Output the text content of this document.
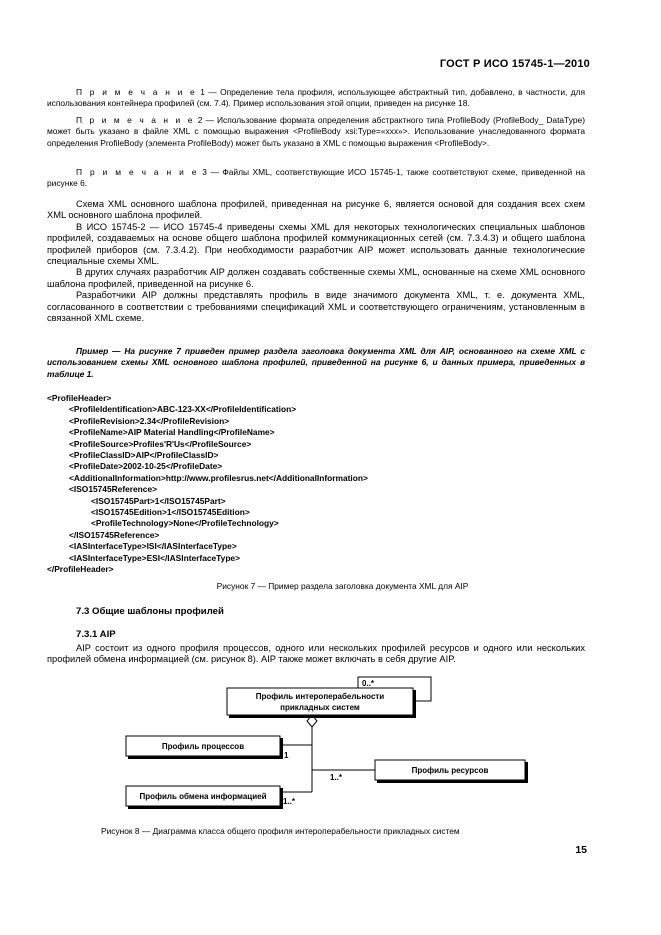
ГОСТ Р ИСО 15745-1—2010
П р и м е ч а н и е 1 — Определение тела профиля, использующее абстрактный тип, добавлено, в частности, для использования контейнера профилей (см. 7.4). Пример использования этой опции, приведен на рисунке 18.
П р и м е ч а н и е 2 — Использование формата определения абстрактного типа ProfileBody (ProfileBody_ DataType) может быть указано в файле XML с помощью выражения <ProfileBody xsi:Type=«xxx»>. Использование унаследованного формата определения ProfileBody (элемента ProfileBody) может быть указано в XML с помощью выражения <ProfileBody>.
П р и м е ч а н и е 3 — Файлы XML, соответствующие ИСО 15745-1, также соответствуют схеме, приведенной на рисунке 6.

Схема XML основного шаблона профилей, приведенная на рисунке 6, является основой для создания всех схем XML основного шаблона профилей.

В ИСО 15745-2 — ИСО 15745-4 приведены схемы XML для некоторых технологических специальных шаблонов профилей, создаваемых на основе общего шаблона профилей коммуникационных сетей (см. 7.3.4.3) и общего шаблона профилей приборов (см. 7.3.4.2). При необходимости разработчик AIP может использовать данные технологические специальные схемы XML.

В других случаях разработчик AIP должен создавать собственные схемы XML, основанные на схеме XML основного шаблона профилей, приведенной на рисунке 6.

Разработчики AIP должны представлять профиль в виде значимого документа XML, т. е. документа XML, согласованного в соответствии с требованиями спецификаций XML и соответствующего ограничениям, установленным в связанной XML схеме.

Пример — На рисунке 7 приведен пример раздела заголовка документа XML для AIP, основанного на схеме XML с использованием схемы XML основного шаблона профилей, приведенной на рисунке 6, и данных примера, приведенных в таблице 1.
<ProfileHeader>
<ProfileIdentification>ABC-123-XX</ProfileIdentification>
<ProfileRevision>2.34</ProfileRevision>
<ProfileName>AIP Material Handling</ProfileName>
<ProfileSource>Profiles'R'Us</ProfileSource>
<ProfileClassID>AIP</ProfileClassID>
<ProfileDate>2002-10-25</ProfileDate>
<AdditionalInformation>http://www.profilesrus.net</AdditionalInformation>
<ISO15745Reference>
<ISO15745Part>1</ISO15745Part>
<ISO15745Edition>1</ISO15745Edition>
<ProfileTechnology>None</ProfileTechnology>
</ISO15745Reference>
<IASInterfaceType>ISI</IASInterfaceType>
<IASInterfaceType>ESI</IASInterfaceType>
</ProfileHeader>
Рисунок 7 — Пример раздела заголовка документа XML для AIP
7.3 Общие шаблоны профилей
7.3.1 AIP

AIP состоит из одного профиля процессов, одного или нескольких профилей ресурсов и одного или нескольких профилей обмена информацией (см. рисунок 8). AIP также может включать в себя другие AIP.

Профиль интероперабельности
прикладных систем
0..*
Профиль процессов
1
Профиль ресурсов
1..*
Профиль обмена информацией
1..*
Рисунок 8 — Диаграмма класса общего профиля интероперабельности прикладных систем
15
